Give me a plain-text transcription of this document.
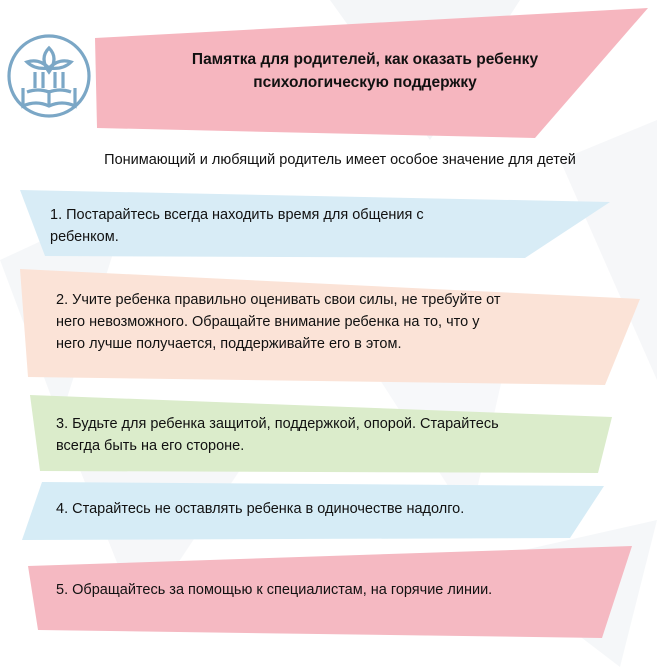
Памятка для родителей, как оказать ребенку
психологическую поддержку
Понимающий и любящий родитель имеет особое значение для детей
1. Постарайтесь всегда находить время для общения с
ребенком.
2. Учите ребенка правильно оценивать свои силы, не требуйте от
него невозможного. Обращайте внимание ребенка на то, что у
него лучше получается, поддерживайте его в этом.
3. Будьте для ребенка защитой, поддержкой, опорой. Старайтесь
всегда быть на его стороне.
4. Старайтесь не оставлять ребенка в одиночестве надолго.
5. Обращайтесь за помощью к специалистам, на горячие линии.
